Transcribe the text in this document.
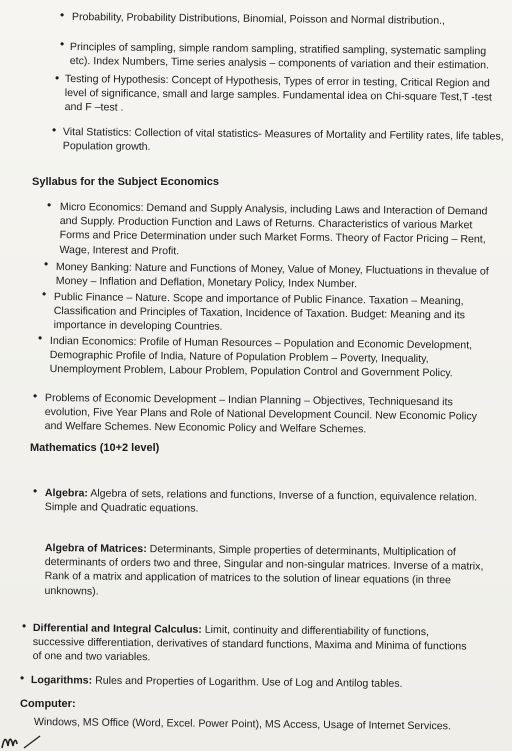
• Probability, Probability Distributions, Binomial, Poisson and Normal distribution.,

• Principles of sampling, simple random sampling, stratified sampling, systematic sampling etc). Index Numbers, Time series analysis – components of variation and their estimation.

• Testing of Hypothesis: Concept of Hypothesis, Types of error in testing, Critical Region and level of significance, small and large samples. Fundamental idea on Chi-square Test,T -test and F –test .

• Vital Statistics: Collection of vital statistics- Measures of Mortality and Fertility rates, life tables, Population growth.

Syllabus for the Subject Economics
• Micro Economics: Demand and Supply Analysis, including Laws and Interaction of Demand and Supply. Production Function and Laws of Returns. Characteristics of various Market Forms and Price Determination under such Market Forms. Theory of Factor Pricing – Rent, Wage, Interest and Profit.

• Money Banking: Nature and Functions of Money, Value of Money, Fluctuations in thevalue of Money – Inflation and Deflation, Monetary Policy, Index Number.

• Public Finance – Nature. Scope and importance of Public Finance. Taxation – Meaning, Classification and Principles of Taxation, Incidence of Taxation. Budget: Meaning and its importance in developing Countries.

• Indian Economics: Profile of Human Resources – Population and Economic Development, Demographic Profile of India, Nature of Population Problem – Poverty, Inequality, Unemployment Problem, Labour Problem, Population Control and Government Policy.

• Problems of Economic Development – Indian Planning – Objectives, Techniquesand its evolution, Five Year Plans and Role of National Development Council. New Economic Policy and Welfare Schemes. New Economic Policy and Welfare Schemes.

Mathematics (10+2 level)
• Algebra: Algebra of sets, relations and functions, Inverse of a function, equivalence relation. Simple and Quadratic equations.

Algebra of Matrices: Determinants, Simple properties of determinants, Multiplication of determinants of orders two and three, Singular and non-singular matrices. Inverse of a matrix, Rank of a matrix and application of matrices to the solution of linear equations (in three unknowns).

• Differential and Integral Calculus: Limit, continuity and differentiability of functions, successive differentiation, derivatives of standard functions, Maxima and Minima of functions of one and two variables.

• Logarithms: Rules and Properties of Logarithm. Use of Log and Antilog tables.

Computer:

Windows, MS Office (Word, Excel. Power Point), MS Access, Usage of Internet Services.
